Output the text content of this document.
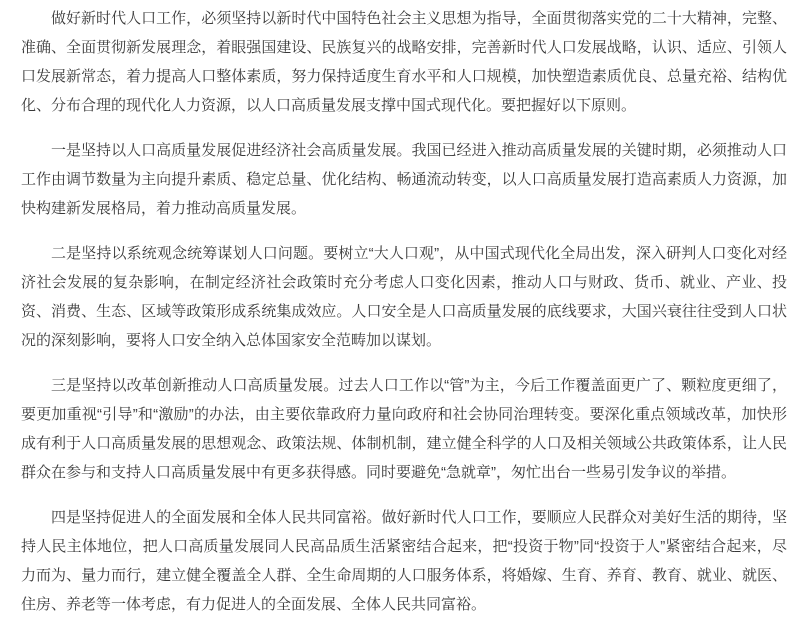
做好新时代人口工作，必须坚持以新时代中国特色社会主义思想为指导，全面贯彻落实党的二十大精神，完整、准确、全面贯彻新发展理念，着眼强国建设、民族复兴的战略安排，完善新时代人口发展战略，认识、适应、引领人口发展新常态，着力提高人口整体素质，努力保持适度生育水平和人口规模，加快塑造素质优良、总量充裕、结构优化、分布合理的现代化人力资源，以人口高质量发展支撑中国式现代化。要把握好以下原则。

一是坚持以人口高质量发展促进经济社会高质量发展。我国已经进入推动高质量发展的关键时期，必须推动人口工作由调节数量为主向提升素质、稳定总量、优化结构、畅通流动转变，以人口高质量发展打造高素质人力资源，加快构建新发展格局，着力推动高质量发展。

二是坚持以系统观念统筹谋划人口问题。要树立“大人口观”，从中国式现代化全局出发，深入研判人口变化对经济社会发展的复杂影响，在制定经济社会政策时充分考虑人口变化因素，推动人口与财政、货币、就业、产业、投资、消费、生态、区域等政策形成系统集成效应。人口安全是人口高质量发展的底线要求，大国兴衰往往受到人口状况的深刻影响，要将人口安全纳入总体国家安全范畴加以谋划。

三是坚持以改革创新推动人口高质量发展。过去人口工作以“管”为主，今后工作覆盖面更广了、颗粒度更细了，要更加重视“引导”和“激励”的办法，由主要依靠政府力量向政府和社会协同治理转变。要深化重点领域改革，加快形成有利于人口高质量发展的思想观念、政策法规、体制机制，建立健全科学的人口及相关领域公共政策体系，让人民群众在参与和支持人口高质量发展中有更多获得感。同时要避免“急就章”，匆忙出台一些易引发争议的举措。

四是坚持促进人的全面发展和全体人民共同富裕。做好新时代人口工作，要顺应人民群众对美好生活的期待，坚持人民主体地位，把人口高质量发展同人民高品质生活紧密结合起来，把“投资于物”同“投资于人”紧密结合起来，尽力而为、量力而行，建立健全覆盖全人群、全生命周期的人口服务体系，将婚嫁、生育、养育、教育、就业、就医、住房、养老等一体考虑，有力促进人的全面发展、全体人民共同富裕。
